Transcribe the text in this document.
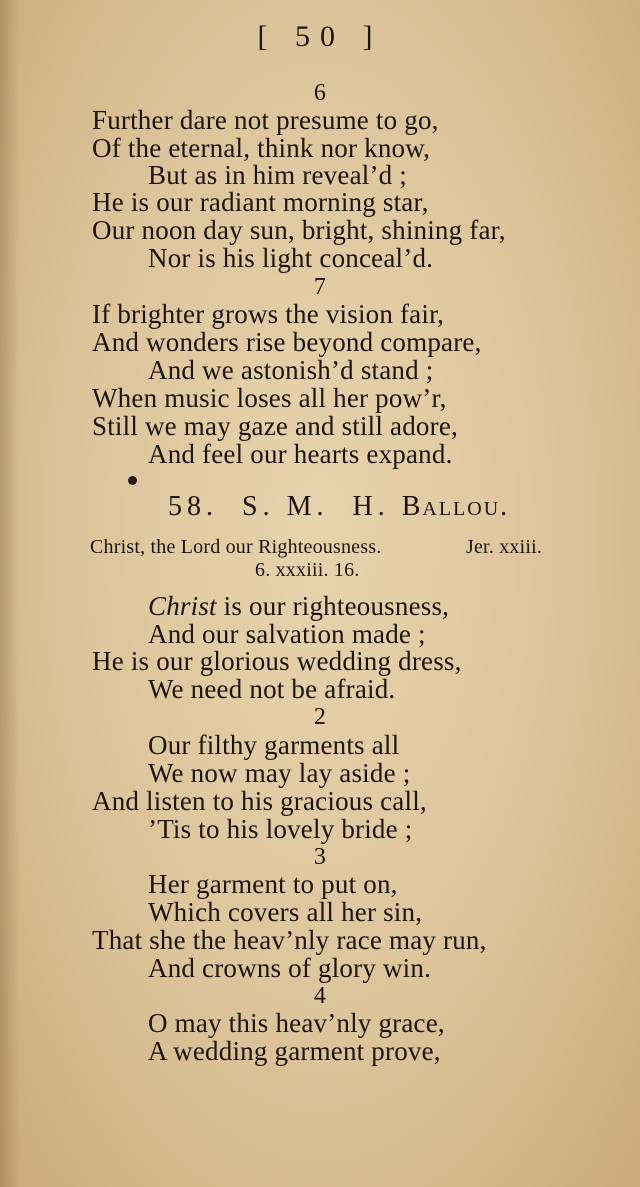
[ 50 ]
6
Further dare not presume to go,
Of the eternal, think nor know,
But as in him reveal’d ;
He is our radiant morning star,
Our noon day sun, bright, shining far,
Nor is his light conceal’d.
7
If brighter grows the vision fair,
And wonders rise beyond compare,
And we astonish’d stand ;
When music loses all her pow’r,
Still we may gaze and still adore,
And feel our hearts expand.
58. S. M. H. Ballou.
Christ, the Lord our Righteousness.	Jer. xxiii.
6. xxxiii. 16.
Christ is our righteousness,
And our salvation made ;
He is our glorious wedding dress,
We need not be afraid.
2
Our filthy garments all
We now may lay aside ;
And listen to his gracious call,
’Tis to his lovely bride ;
3
Her garment to put on,
Which covers all her sin,
That she the heav’nly race may run,
And crowns of glory win.
4
O may this heav’nly grace,
A wedding garment prove,
